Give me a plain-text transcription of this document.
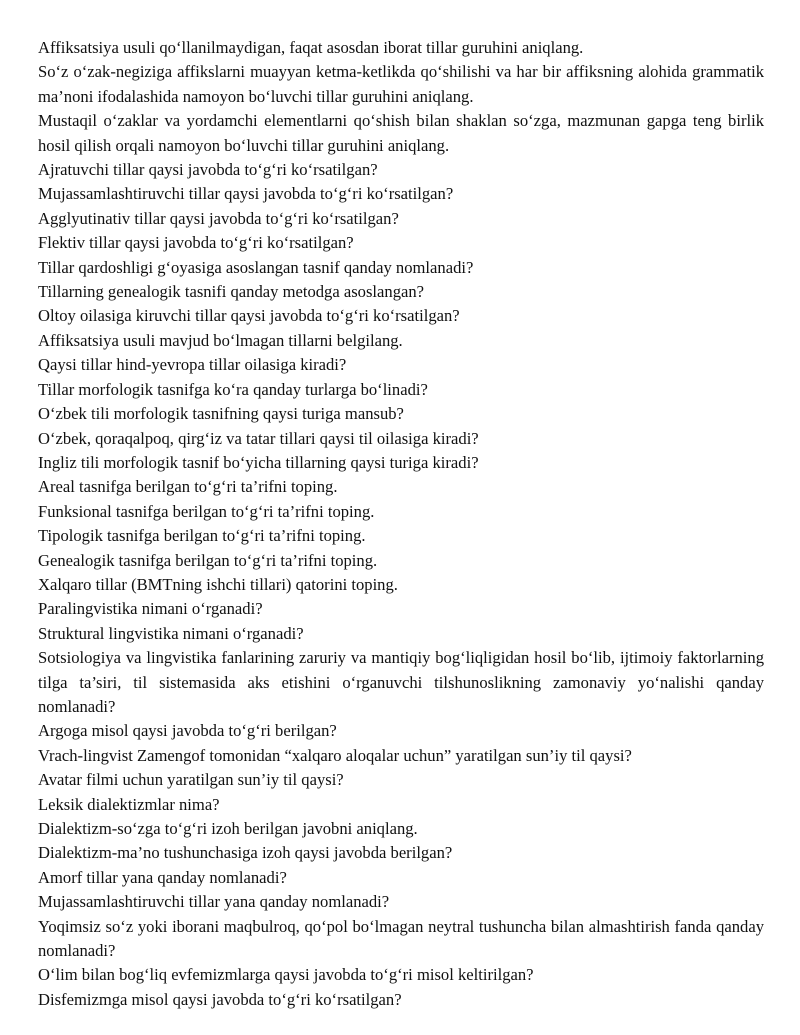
Affiksatsiya usuli qo‘llanilmaydigan, faqat asosdan iborat tillar guruhini aniqlang.

So‘z o‘zak-negiziga affikslarni muayyan ketma-ketlikda qo‘shilishi va har bir affiksning alohida grammatik ma’noni ifodalashida namoyon bo‘luvchi tillar guruhini aniqlang.

Mustaqil o‘zaklar va yordamchi elementlarni qo‘shish bilan shaklan so‘zga, mazmunan gapga teng birlik hosil qilish orqali namoyon bo‘luvchi tillar guruhini aniqlang.

Ajratuvchi tillar qaysi javobda to‘g‘ri ko‘rsatilgan?

Mujassamlashtiruvchi tillar qaysi javobda to‘g‘ri ko‘rsatilgan?

Agglyutinativ tillar qaysi javobda to‘g‘ri ko‘rsatilgan?

Flektiv tillar qaysi javobda to‘g‘ri ko‘rsatilgan?

Tillar qardoshligi g‘oyasiga asoslangan tasnif qanday nomlanadi?

Tillarning genealogik tasnifi qanday metodga asoslangan?

Oltoy oilasiga kiruvchi tillar qaysi javobda to‘g‘ri ko‘rsatilgan?

Affiksatsiya usuli mavjud bo‘lmagan tillarni belgilang.

Qaysi tillar hind-yevropa tillar oilasiga kiradi?

Tillar morfologik tasnifga ko‘ra qanday turlarga bo‘linadi?

O‘zbek tili morfologik tasnifning qaysi turiga mansub?

O‘zbek, qoraqalpoq, qirg‘iz va tatar tillari qaysi til oilasiga kiradi?

Ingliz tili morfologik tasnif bo‘yicha tillarning qaysi turiga kiradi?

Areal tasnifga berilgan to‘g‘ri ta’rifni toping.

Funksional tasnifga berilgan to‘g‘ri ta’rifni toping.

Tipologik tasnifga berilgan to‘g‘ri ta’rifni toping.

Genealogik tasnifga berilgan to‘g‘ri ta’rifni toping.

Xalqaro tillar (BMTning ishchi tillari) qatorini toping.

Paralingvistika nimani o‘rganadi?

Struktural lingvistika nimani o‘rganadi?

Sotsiologiya va lingvistika fanlarining zaruriy va mantiqiy bog‘liqligidan hosil bo‘lib, ijtimoiy faktorlarning tilga ta’siri, til sistemasida aks etishini o‘rganuvchi tilshunoslikning zamonaviy yo‘nalishi qanday nomlanadi?

Argoga misol qaysi javobda to‘g‘ri berilgan?

Vrach-lingvist Zamengof tomonidan “xalqaro aloqalar uchun” yaratilgan sun’iy til qaysi?

Avatar filmi uchun yaratilgan sun’iy til qaysi?

Leksik dialektizmlar nima?

Dialektizm-so‘zga to‘g‘ri izoh berilgan javobni aniqlang.

Dialektizm-ma’no tushunchasiga izoh qaysi javobda berilgan?

Amorf tillar yana qanday nomlanadi?

Mujassamlashtiruvchi tillar yana qanday nomlanadi?

Yoqimsiz so‘z yoki iborani maqbulroq, qo‘pol bo‘lmagan neytral tushuncha bilan almashtirish fanda qanday nomlanadi?

O‘lim bilan bog‘liq evfemizmlarga qaysi javobda to‘g‘ri misol keltirilgan?

Disfemizmga misol qaysi javobda to‘g‘ri ko‘rsatilgan?
